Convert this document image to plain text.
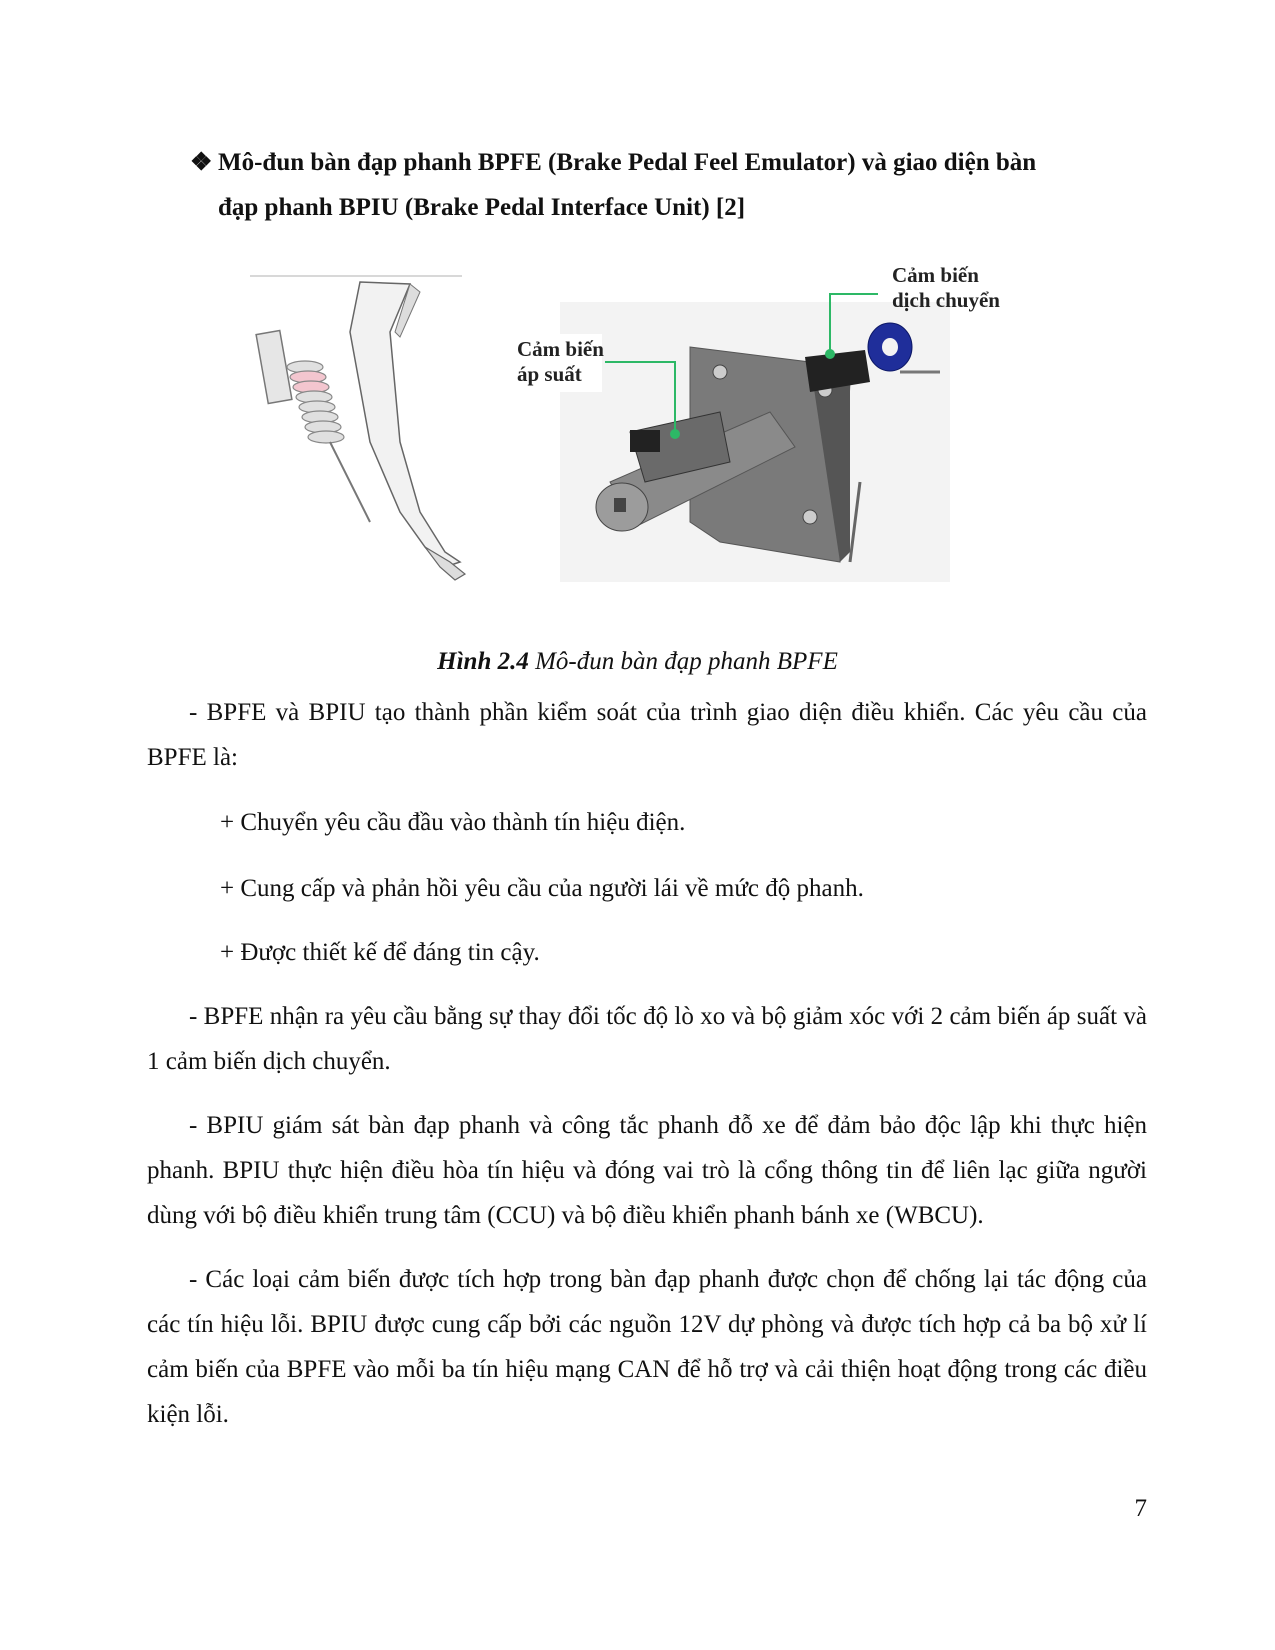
❖ Mô-đun bàn đạp phanh BPFE (Brake Pedal Feel Emulator) và giao diện bàn
đạp phanh BPIU (Brake Pedal Interface Unit) [2]
Cảm biến
áp suất
Cảm biến
dịch chuyển
Hình 2.4 Mô-đun bàn đạp phanh BPFE
- BPFE và BPIU tạo thành phần kiểm soát của trình giao diện điều khiển. Các yêu cầu của BPFE là:
+ Chuyển yêu cầu đầu vào thành tín hiệu điện.
+ Cung cấp và phản hồi yêu cầu của người lái về mức độ phanh.
+ Được thiết kế để đáng tin cậy.
- BPFE nhận ra yêu cầu bằng sự thay đổi tốc độ lò xo và bộ giảm xóc với 2 cảm biến áp suất và 1 cảm biến dịch chuyển.
- BPIU giám sát bàn đạp phanh và công tắc phanh đỗ xe để đảm bảo độc lập khi thực hiện phanh. BPIU thực hiện điều hòa tín hiệu và đóng vai trò là cổng thông tin để liên lạc giữa người dùng với bộ điều khiển trung tâm (CCU) và bộ điều khiển phanh bánh xe (WBCU).
- Các loại cảm biến được tích hợp trong bàn đạp phanh được chọn để chống lại tác động của các tín hiệu lỗi. BPIU được cung cấp bởi các nguồn 12V dự phòng và được tích hợp cả ba bộ xử lí cảm biến của BPFE vào mỗi ba tín hiệu mạng CAN để hỗ trợ và cải thiện hoạt động trong các điều kiện lỗi.
7
